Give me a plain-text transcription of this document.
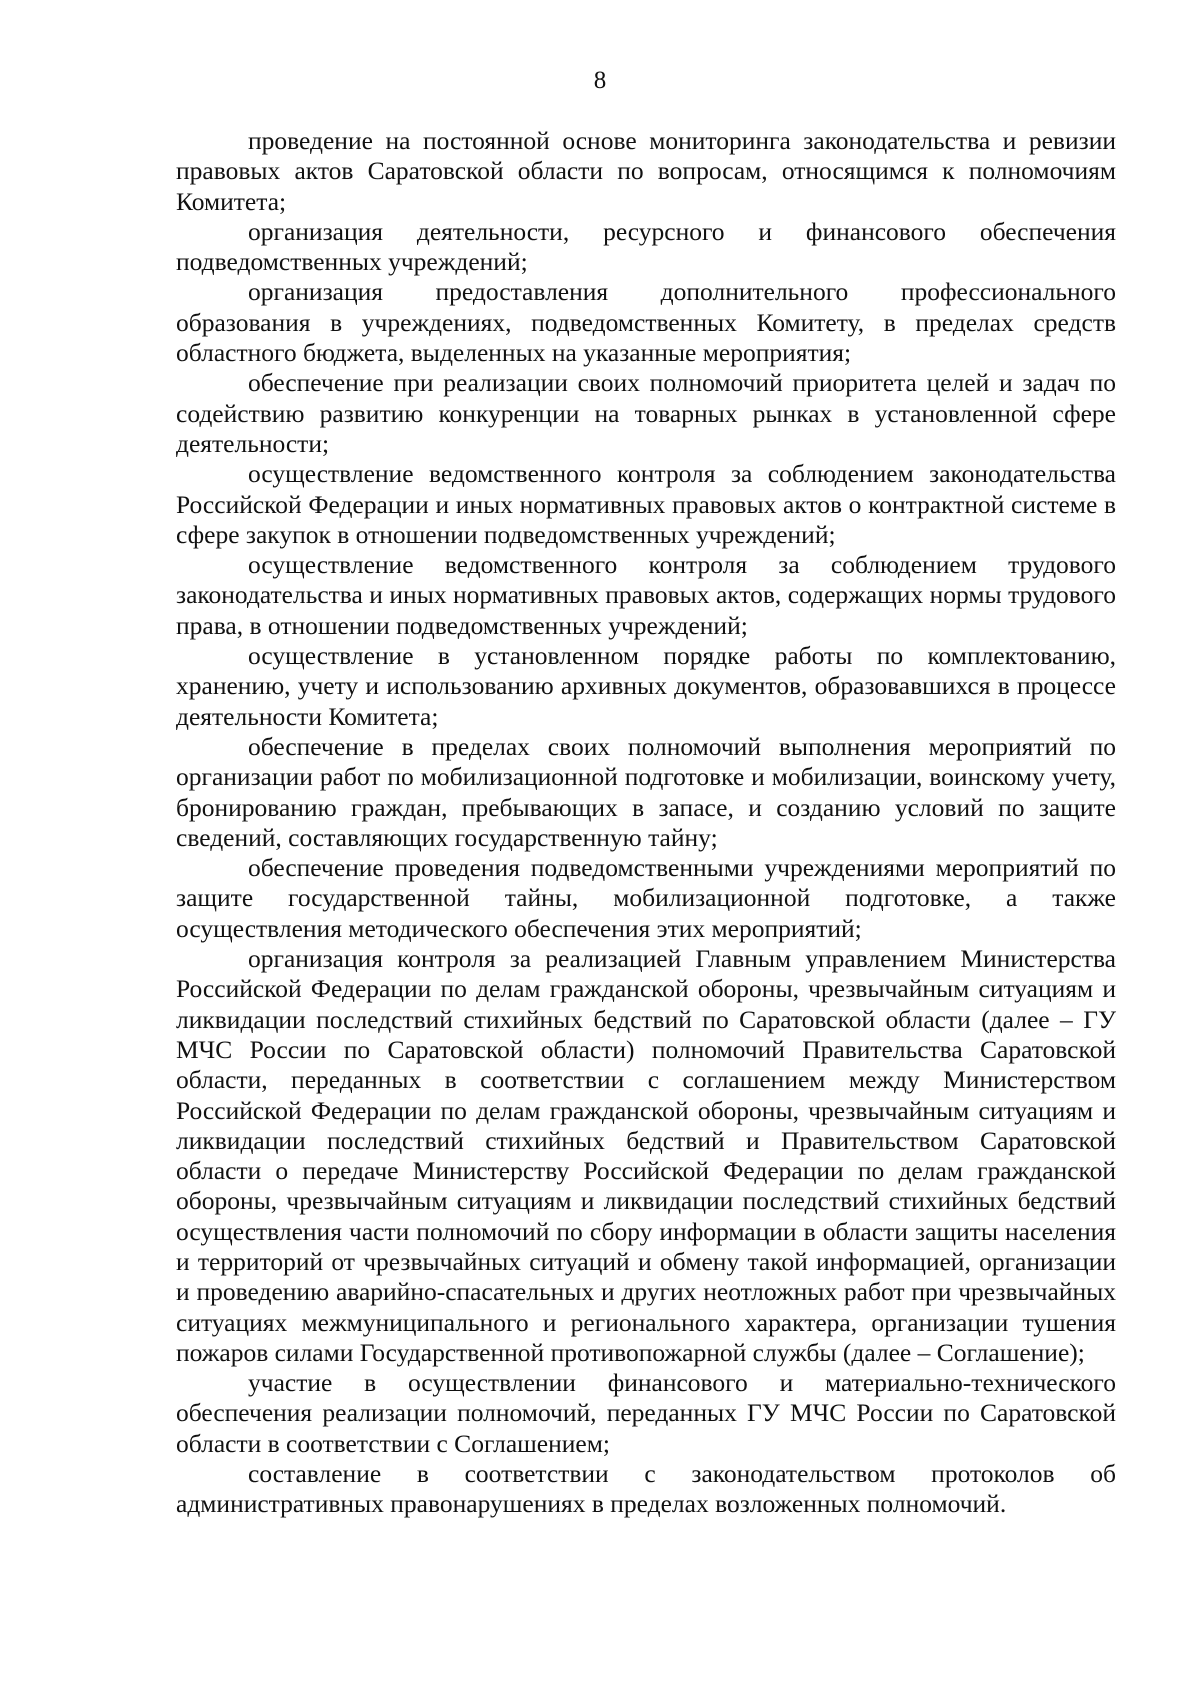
8

проведение на постоянной основе мониторинга законодательства и ревизии правовых актов Саратовской области по вопросам, относящимся к полномочиям Комитета;

организация деятельности, ресурсного и финансового обеспечения подведомственных учреждений;

организация предоставления дополнительного профессионального образования в учреждениях, подведомственных Комитету, в пределах средств областного бюджета, выделенных на указанные мероприятия;

обеспечение при реализации своих полномочий приоритета целей и задач по содействию развитию конкуренции на товарных рынках в установленной сфере деятельности;

осуществление ведомственного контроля за соблюдением законодательства Российской Федерации и иных нормативных правовых актов о контрактной системе в сфере закупок в отношении подведомственных учреждений;

осуществление ведомственного контроля за соблюдением трудового законодательства и иных нормативных правовых актов, содержащих нормы трудового права, в отношении подведомственных учреждений;

осуществление в установленном порядке работы по комплектованию, хранению, учету и использованию архивных документов, образовавшихся в процессе деятельности Комитета;

обеспечение в пределах своих полномочий выполнения мероприятий по организации работ по мобилизационной подготовке и мобилизации, воинскому учету, бронированию граждан, пребывающих в запасе, и созданию условий по защите сведений, составляющих государственную тайну;

обеспечение проведения подведомственными учреждениями мероприятий по защите государственной тайны, мобилизационной подготовке, а также осуществления методического обеспечения этих мероприятий;

организация контроля за реализацией Главным управлением Министерства Российской Федерации по делам гражданской обороны, чрезвычайным ситуациям и ликвидации последствий стихийных бедствий по Саратовской области (далее – ГУ МЧС России по Саратовской области) полномочий Правительства Саратовской области, переданных в соответствии с соглашением между Министерством Российской Федерации по делам гражданской обороны, чрезвычайным ситуациям и ликвидации последствий стихийных бедствий и Правительством Саратовской области о передаче Министерству Российской Федерации по делам гражданской обороны, чрезвычайным ситуациям и ликвидации последствий стихийных бедствий осуществления части полномочий по сбору информации в области защиты населения и территорий от чрезвычайных ситуаций и обмену такой информацией, организации и проведению аварийно-спасательных и других неотложных работ при чрезвычайных ситуациях межмуниципального и регионального характера, организации тушения пожаров силами Государственной противопожарной службы (далее – Соглашение);

участие в осуществлении финансового и материально-технического обеспечения реализации полномочий, переданных ГУ МЧС России по Саратовской области в соответствии с Соглашением;

составление в соответствии с законодательством протоколов об административных правонарушениях в пределах возложенных полномочий.
